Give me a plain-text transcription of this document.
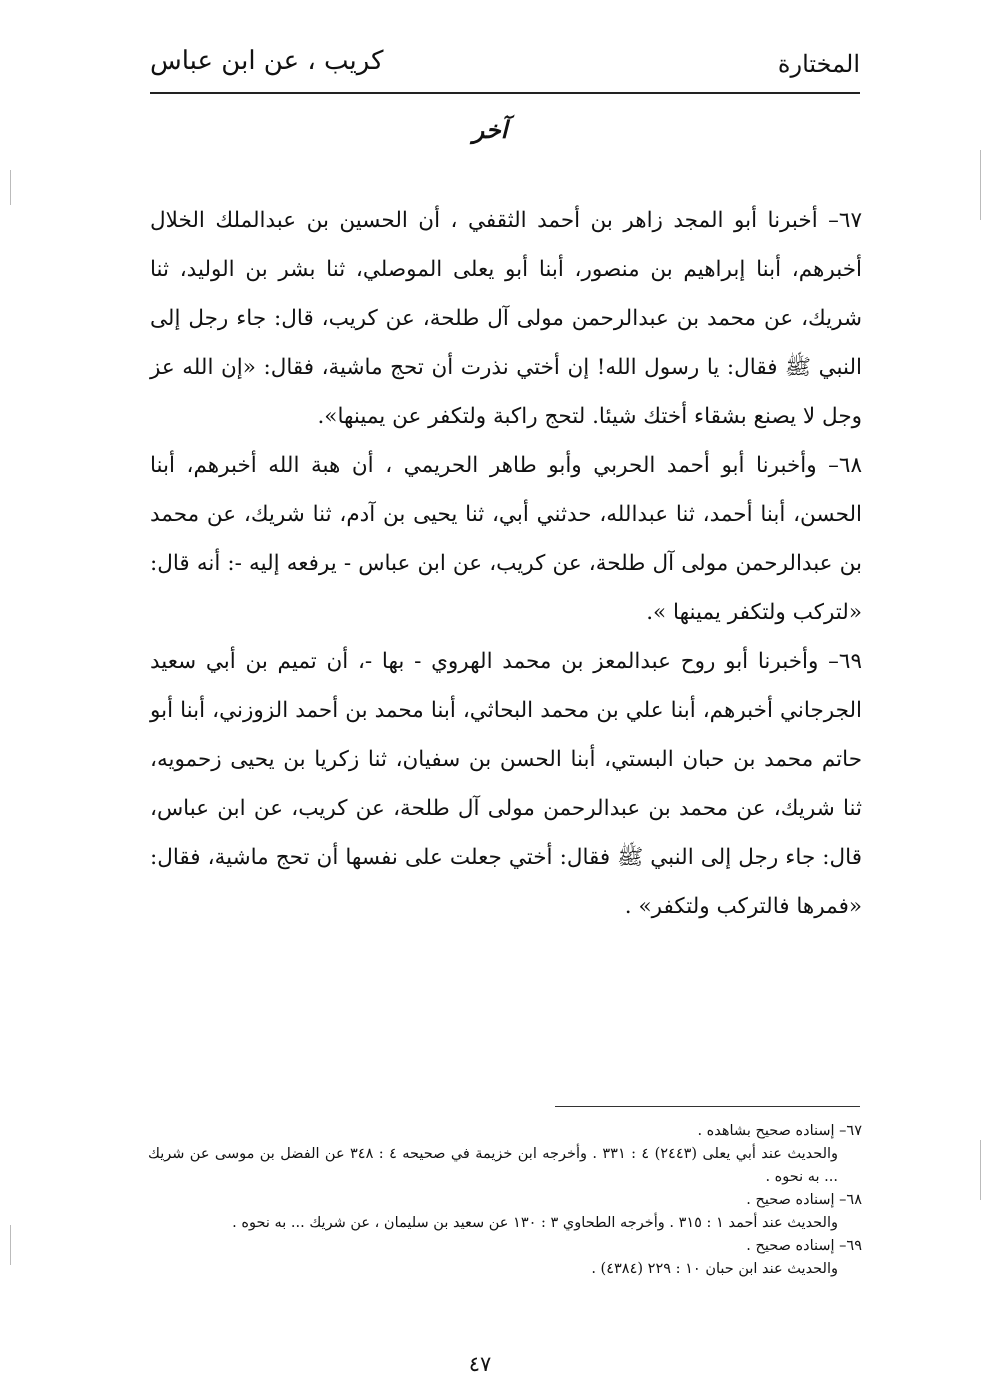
المختارة
كريب ، عن ابن عباس
آخر

٦٧– أخبرنا أبو المجد زاهر بن أحمد الثقفي ، أن الحسين بن عبدالملك الخلال أخبرهم، أبنا إبراهيم بن منصور، أبنا أبو يعلى الموصلي، ثنا بشر بن الوليد، ثنا شريك، عن محمد بن عبدالرحمن مولى آل طلحة، عن كريب، قال: جاء رجل إلى النبي ﷺ فقال: يا رسول الله! إن أختي نذرت أن تحج ماشية، فقال: «إن الله عز وجل لا يصنع بشقاء أختك شيئا. لتحج راكبة ولتكفر عن يمينها».

٦٨– وأخبرنا أبو أحمد الحربي وأبو طاهر الحريمي ، أن هبة الله أخبرهم، أبنا الحسن، أبنا أحمد، ثنا عبدالله، حدثني أبي، ثنا يحيى بن آدم، ثنا شريك، عن محمد بن عبدالرحمن مولى آل طلحة، عن كريب، عن ابن عباس - يرفعه إليه -: أنه قال: «لتركب ولتكفر يمينها ».

٦٩– وأخبرنا أبو روح عبدالمعز بن محمد الهروي - بها -، أن تميم بن أبي سعيد الجرجاني أخبرهم، أبنا علي بن محمد البحاثي، أبنا محمد بن أحمد الزوزني، أبنا أبو حاتم محمد بن حبان البستي، أبنا الحسن بن سفيان، ثنا زكريا بن يحيى زحمويه، ثنا شريك، عن محمد بن عبدالرحمن مولى آل طلحة، عن كريب، عن ابن عباس، قال: جاء رجل إلى النبي ﷺ فقال: أختي جعلت على نفسها أن تحج ماشية، فقال: «فمرها فالتركب ولتكفر» .

٦٧– إسناده صحيح بشاهده .

والحديث عند أبي يعلى (٢٤٤٣) ٤ : ٣٣١ . وأخرجه ابن خزيمة في صحيحه ٤ : ٣٤٨ عن الفضل بن موسى عن شريك ... به نحوه .

٦٨– إسناده صحيح .

والحديث عند أحمد ١ : ٣١٥ . وأخرجه الطحاوي ٣ : ١٣٠ عن سعيد بن سليمان ، عن شريك ... به نحوه .

٦٩– إسناده صحيح .

والحديث عند ابن حبان ١٠ : ٢٢٩ (٤٣٨٤) .

٤٧
